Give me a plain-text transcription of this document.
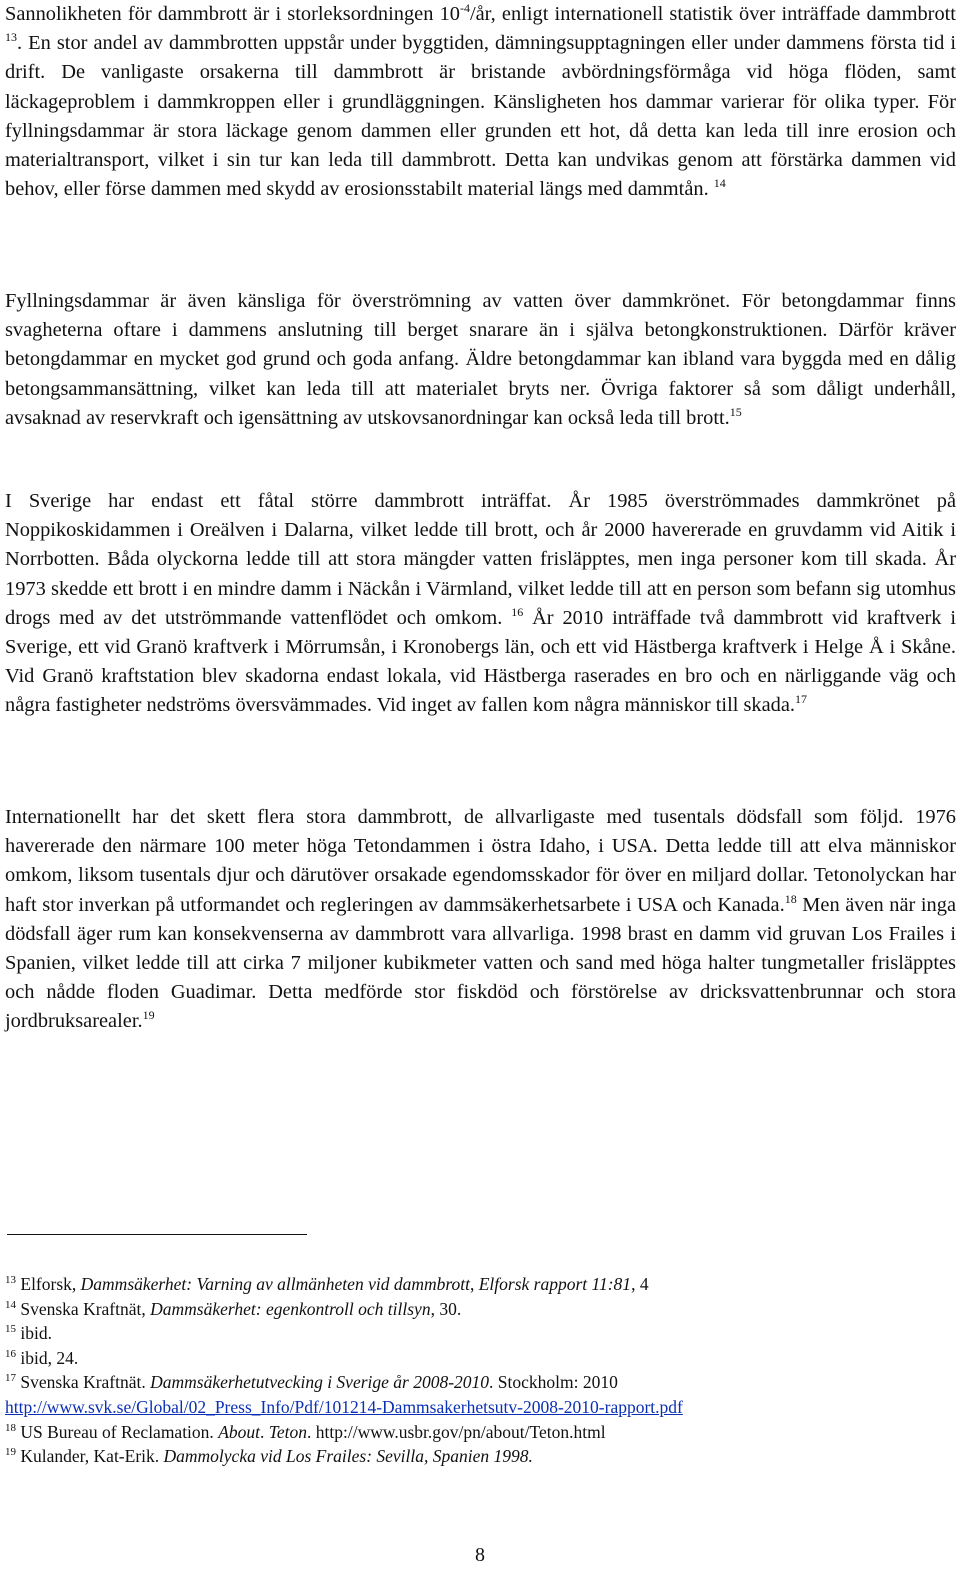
Sannolikheten för dammbrott är i storleksordningen $10^{-4}/år$, enligt internationell statistik över inträffade dammbrott $^{13}$. En stor andel av dammbrotten uppstår under byggtiden, dämningsupptagningen eller under dammens första tid i drift. De vanligaste orsakerna till dammbrott är bristande avbördningsförmåga vid höga flöden, samt läckageproblem i dammkroppen eller i grundläggningen. Känsligheten hos dammar varierar för olika typer. För fyllningsdammar är stora läckage genom dammen eller grunden ett hot, då detta kan leda till inre erosion och materialtransport, vilket i sin tur kan leda till dammbrott. Detta kan undvikas genom att förstärka dammen vid behov, eller förse dammen med skydd av erosionsstabilt material längs med dammtån. $^{14}$

Fyllningsdammar är även känsliga för överströmning av vatten över dammkrönet. För betongdammar finns svagheterna oftare i dammens anslutning till berget snarare än i själva betongkonstruktionen. Därför kräver betongdammar en mycket god grund och goda anfang. Äldre betongdammar kan ibland vara byggda med en dålig betongsammansättning, vilket kan leda till att materialet bryts ner. Övriga faktorer så som dåligt underhåll, avsaknad av reservkraft och igensättning av utskovsanordningar kan också leda till brott.$^{15}$

I Sverige har endast ett fåtal större dammbrott inträffat. År 1985 överströmmades dammkrönet på Noppikoskidammen i Oreälven i Dalarna, vilket ledde till brott, och år 2000 havererade en gruvdamm vid Aitik i Norrbotten. Båda olyckorna ledde till att stora mängder vatten frisläpptes, men inga personer kom till skada. År 1973 skedde ett brott i en mindre damm i Näckån i Värmland, vilket ledde till att en person som befann sig utomhus drogs med av det utströmmande vattenflödet och omkom. $^{16}$ År 2010 inträffade två dammbrott vid kraftverk i Sverige, ett vid Granö kraftverk i Mörrumsån, i Kronobergs län, och ett vid Hästberga kraftverk i Helge Å i Skåne. Vid Granö kraftstation blev skadorna endast lokala, vid Hästberga raserades en bro och en närliggande väg och några fastigheter nedströms översvämmades. Vid inget av fallen kom några människor till skada.$^{17}$

Internationellt har det skett flera stora dammbrott, de allvarligaste med tusentals dödsfall som följd. 1976 havererade den närmare 100 meter höga Tetondammen i östra Idaho, i USA. Detta ledde till att elva människor omkom, liksom tusentals djur och därutöver orsakade egendomsskador för över en miljard dollar. Tetonolyckan har haft stor inverkan på utformandet och regleringen av dammsäkerhetsarbete i USA och Kanada.$^{18}$ Men även när inga dödsfall äger rum kan konsekvenserna av dammbrott vara allvarliga. 1998 brast en damm vid gruvan Los Frailes i Spanien, vilket ledde till att cirka 7 miljoner kubikmeter vatten och sand med höga halter tungmetaller frisläpptes och nådde floden Guadimar. Detta medförde stor fiskdöd och förstörelse av dricksvattenbrunnar och stora jordbruksarealer.$^{19}$

$^{13}$ Elforsk, Dammsäkerhet: Varning av allmänheten vid dammbrott, Elforsk rapport 11:81, 4

$^{14}$ Svenska Kraftnät, Dammsäkerhet: egenkontroll och tillsyn, 30.

$^{15}$ ibid.

$^{16}$ ibid, 24.

$^{17}$ Svenska Kraftnät. Dammsäkerhetutvecking i Sverige år 2008-2010. Stockholm: 2010

http://www.svk.se/Global/02_Press_Info/Pdf/101214-Dammsakerhetsutv-2008-2010-rapport.pdf

$^{18}$ US Bureau of Reclamation. About. Teton. http://www.usbr.gov/pn/about/Teton.html

$^{19}$ Kulander, Kat-Erik. Dammolycka vid Los Frailes: Sevilla, Spanien 1998.

8
